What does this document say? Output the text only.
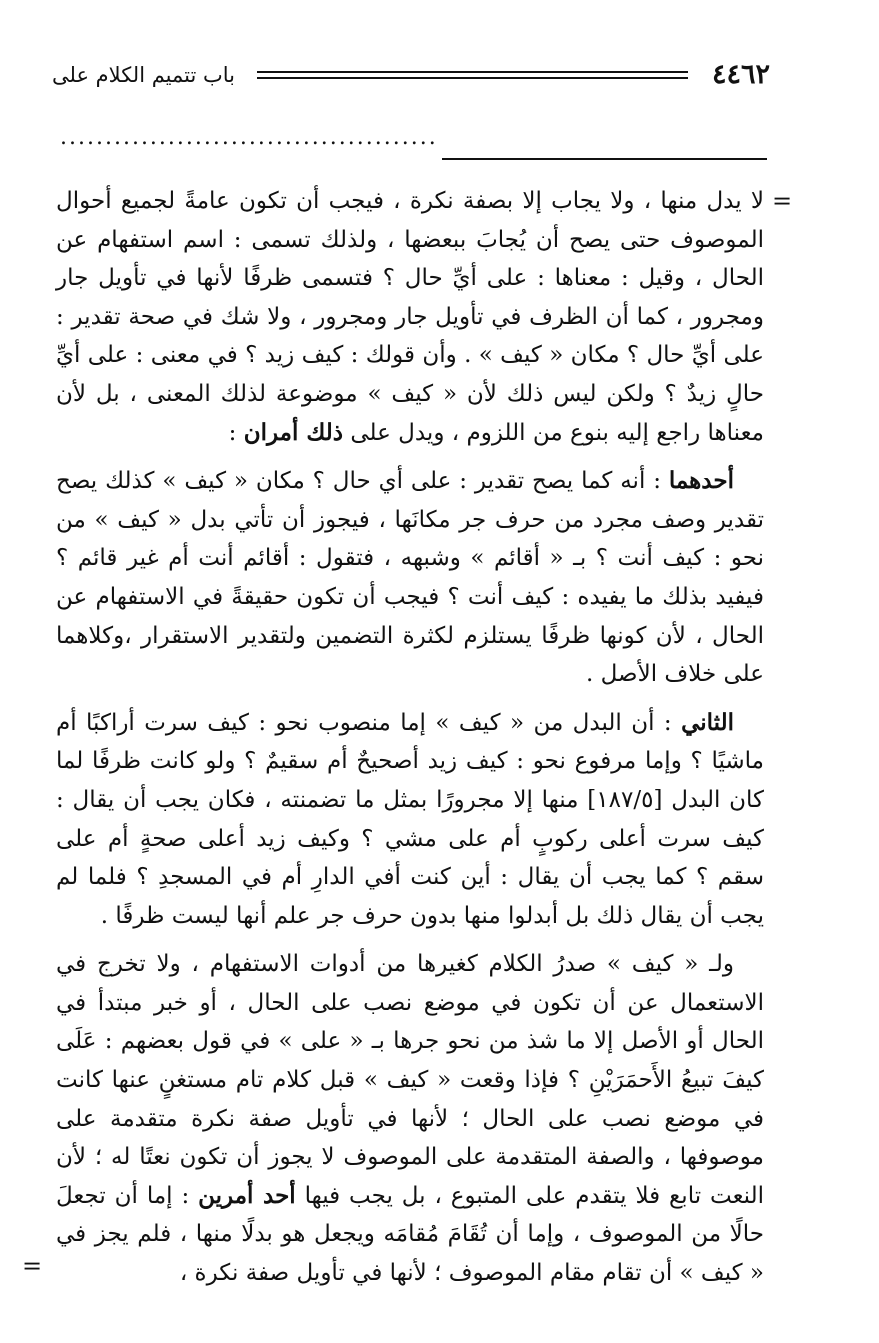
٤٤٦٢
باب تتميم الكلام على
..........................................
=
=

لا يدل منها ، ولا يجاب إلا بصفة نكرة ، فيجب أن تكون عامةً لجميع أحوال الموصوف حتى يصح أن يُجابَ ببعضها ، ولذلك تسمى : اسم استفهام عن الحال ، وقيل : معناها : على أيِّ حال ؟ فتسمى ظرفًا لأنها في تأويل جار ومجرور ، كما أن الظرف في تأويل جار ومجرور ، ولا شك في صحة تقدير : على أيِّ حال ؟ مكان « كيف » . وأن قولك : كيف زيد ؟ في معنى : على أيِّ حالٍ زيدٌ ؟ ولكن ليس ذلك لأن « كيف » موضوعة لذلك المعنى ، بل لأن معناها راجع إليه بنوع من اللزوم ، ويدل على ذلك أمران :

أحدهما : أنه كما يصح تقدير : على أي حال ؟ مكان « كيف » كذلك يصح تقدير وصف مجرد من حرف جر مكانَها ، فيجوز أن تأتي بدل « كيف » من نحو : كيف أنت ؟ بـ « أقائم » وشبهه ، فتقول : أقائم أنت أم غير قائم ؟ فيفيد بذلك ما يفيده : كيف أنت ؟ فيجب أن تكون حقيقةً في الاستفهام عن الحال ، لأن كونها ظرفًا يستلزم لكثرة التضمين ولتقدير الاستقرار ،وكلاهما على خلاف الأصل .

الثاني : أن البدل من « كيف » إما منصوب نحو : كيف سرت أراكبًا أم ماشيًا ؟ وإما مرفوع نحو : كيف زيد أصحيحٌ أم سقيمٌ ؟ ولو كانت ظرفًا لما كان البدل [١٨٧/٥] منها إلا مجرورًا بمثل ما تضمنته ، فكان يجب أن يقال : كيف سرت أعلى ركوبٍ أم على مشي ؟ وكيف زيد أعلى صحةٍ أم على سقم ؟ كما يجب أن يقال : أين كنت أفي الدارِ أم في المسجدِ ؟ فلما لم يجب أن يقال ذلك بل أبدلوا منها بدون حرف جر علم أنها ليست ظرفًا .

ولـ « كيف » صدرُ الكلام كغيرها من أدوات الاستفهام ، ولا تخرج في الاستعمال عن أن تكون في موضع نصب على الحال ، أو خبر مبتدأ في الحال أو الأصل إلا ما شذ من نحو جرها بـ « على » في قول بعضهم : عَلَى كيفَ تبيعُ الأَحمَرَيْنِ ؟ فإذا وقعت « كيف » قبل كلام تام مستغنٍ عنها كانت في موضع نصب على الحال ؛ لأنها في تأويل صفة نكرة متقدمة على موصوفها ، والصفة المتقدمة على الموصوف لا يجوز أن تكون نعتًا له ؛ لأن النعت تابع فلا يتقدم على المتبوع ، بل يجب فيها أحد أمرين : إما أن تجعلَ حالًا من الموصوف ، وإما أن تُقَامَ مُقامَه ويجعل هو بدلًا منها ، فلم يجز في « كيف » أن تقام مقام الموصوف ؛ لأنها في تأويل صفة نكرة ،
